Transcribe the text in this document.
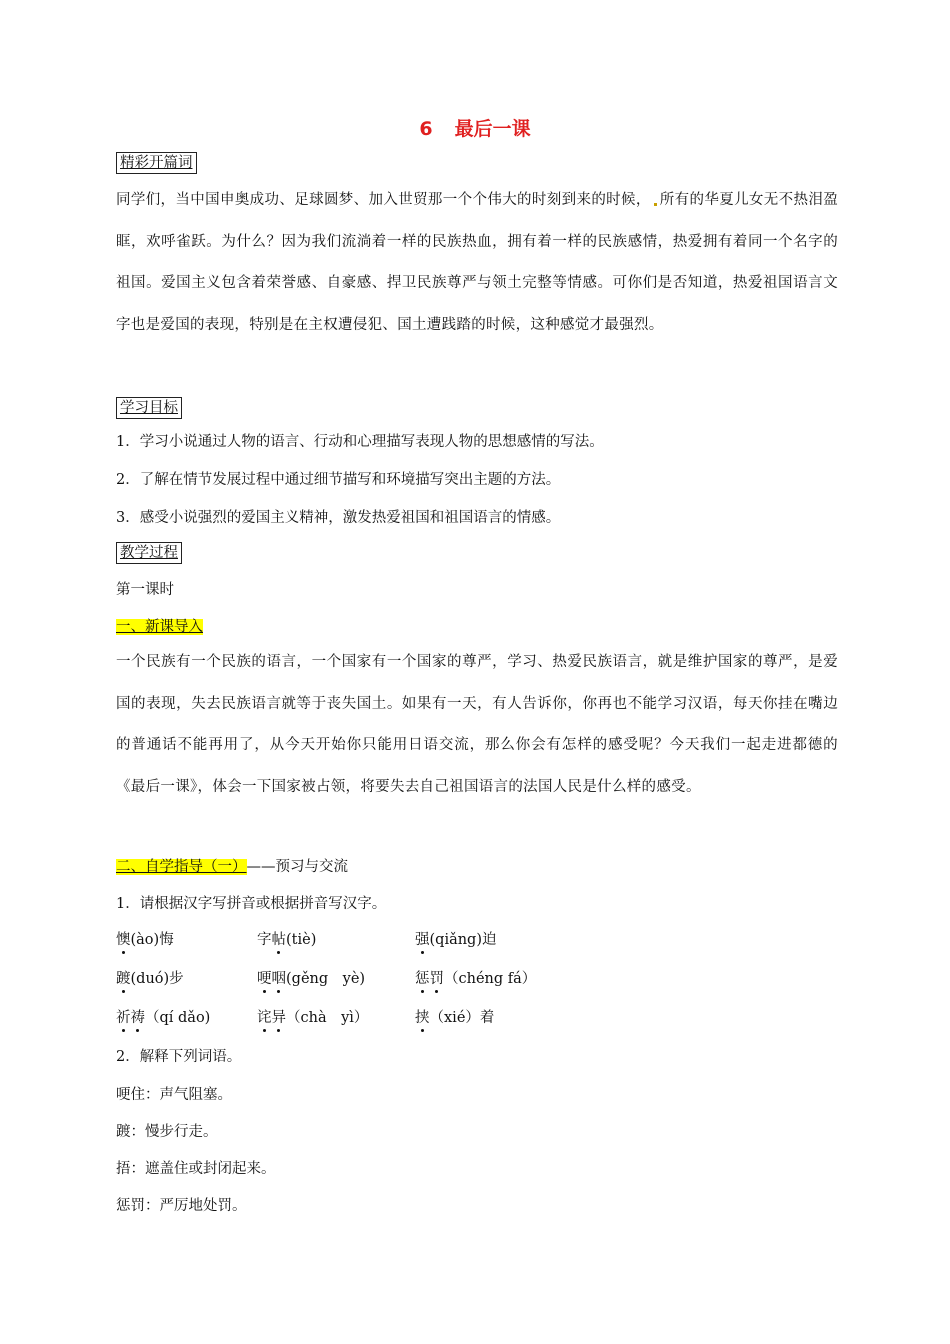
6 最后一课
精彩开篇词
同学们，当中国申奥成功、足球圆梦、加入世贸那一个个伟大的时刻到来的时候， 所有的华夏儿女无不热泪盈眶，欢呼雀跃。为什么？因为我们流淌着一样的民族热血，拥有着一样的民族感情，热爱拥有着同一个名字的祖国。爱国主义包含着荣誉感、自豪感、捍卫民族尊严与领土完整等情感。可你们是否知道，热爱祖国语言文字也是爱国的表现，特别是在主权遭侵犯、国土遭践踏的时候，这种感觉才最强烈。
学习目标
1．学习小说通过人物的语言、行动和心理描写表现人物的思想感情的写法。
2．了解在情节发展过程中通过细节描写和环境描写突出主题的方法。
3．感受小说强烈的爱国主义精神，激发热爱祖国和祖国语言的情感。
教学过程
第一课时
一、新课导入
一个民族有一个民族的语言，一个国家有一个国家的尊严，学习、热爱民族语言，就是维护国家的尊严，是爱国的表现，失去民族语言就等于丧失国土。如果有一天，有人告诉你，你再也不能学习汉语，每天你挂在嘴边的普通话不能再用了，从今天开始你只能用日语交流，那么你会有怎样的感受呢？今天我们一起走进都德的《最后一课》，体会一下国家被占领，将要失去自己祖国语言的法国人民是什么样的感受。
二、自学指导（一）——预习与交流
1．请根据汉字写拼音或根据拼音写汉字。
懊(ào)悔	字帖(tiè)	强(qiǎng)迫
踱(duó)步	哽咽(gěng　yè)	惩罚（chéng fá）
祈祷（qí dǎo)	诧异（chà　yì）	挟（xié）着
2．解释下列词语。
哽住：声气阻塞。
踱：慢步行走。
捂：遮盖住或封闭起来。
惩罚：严厉地处罚。
